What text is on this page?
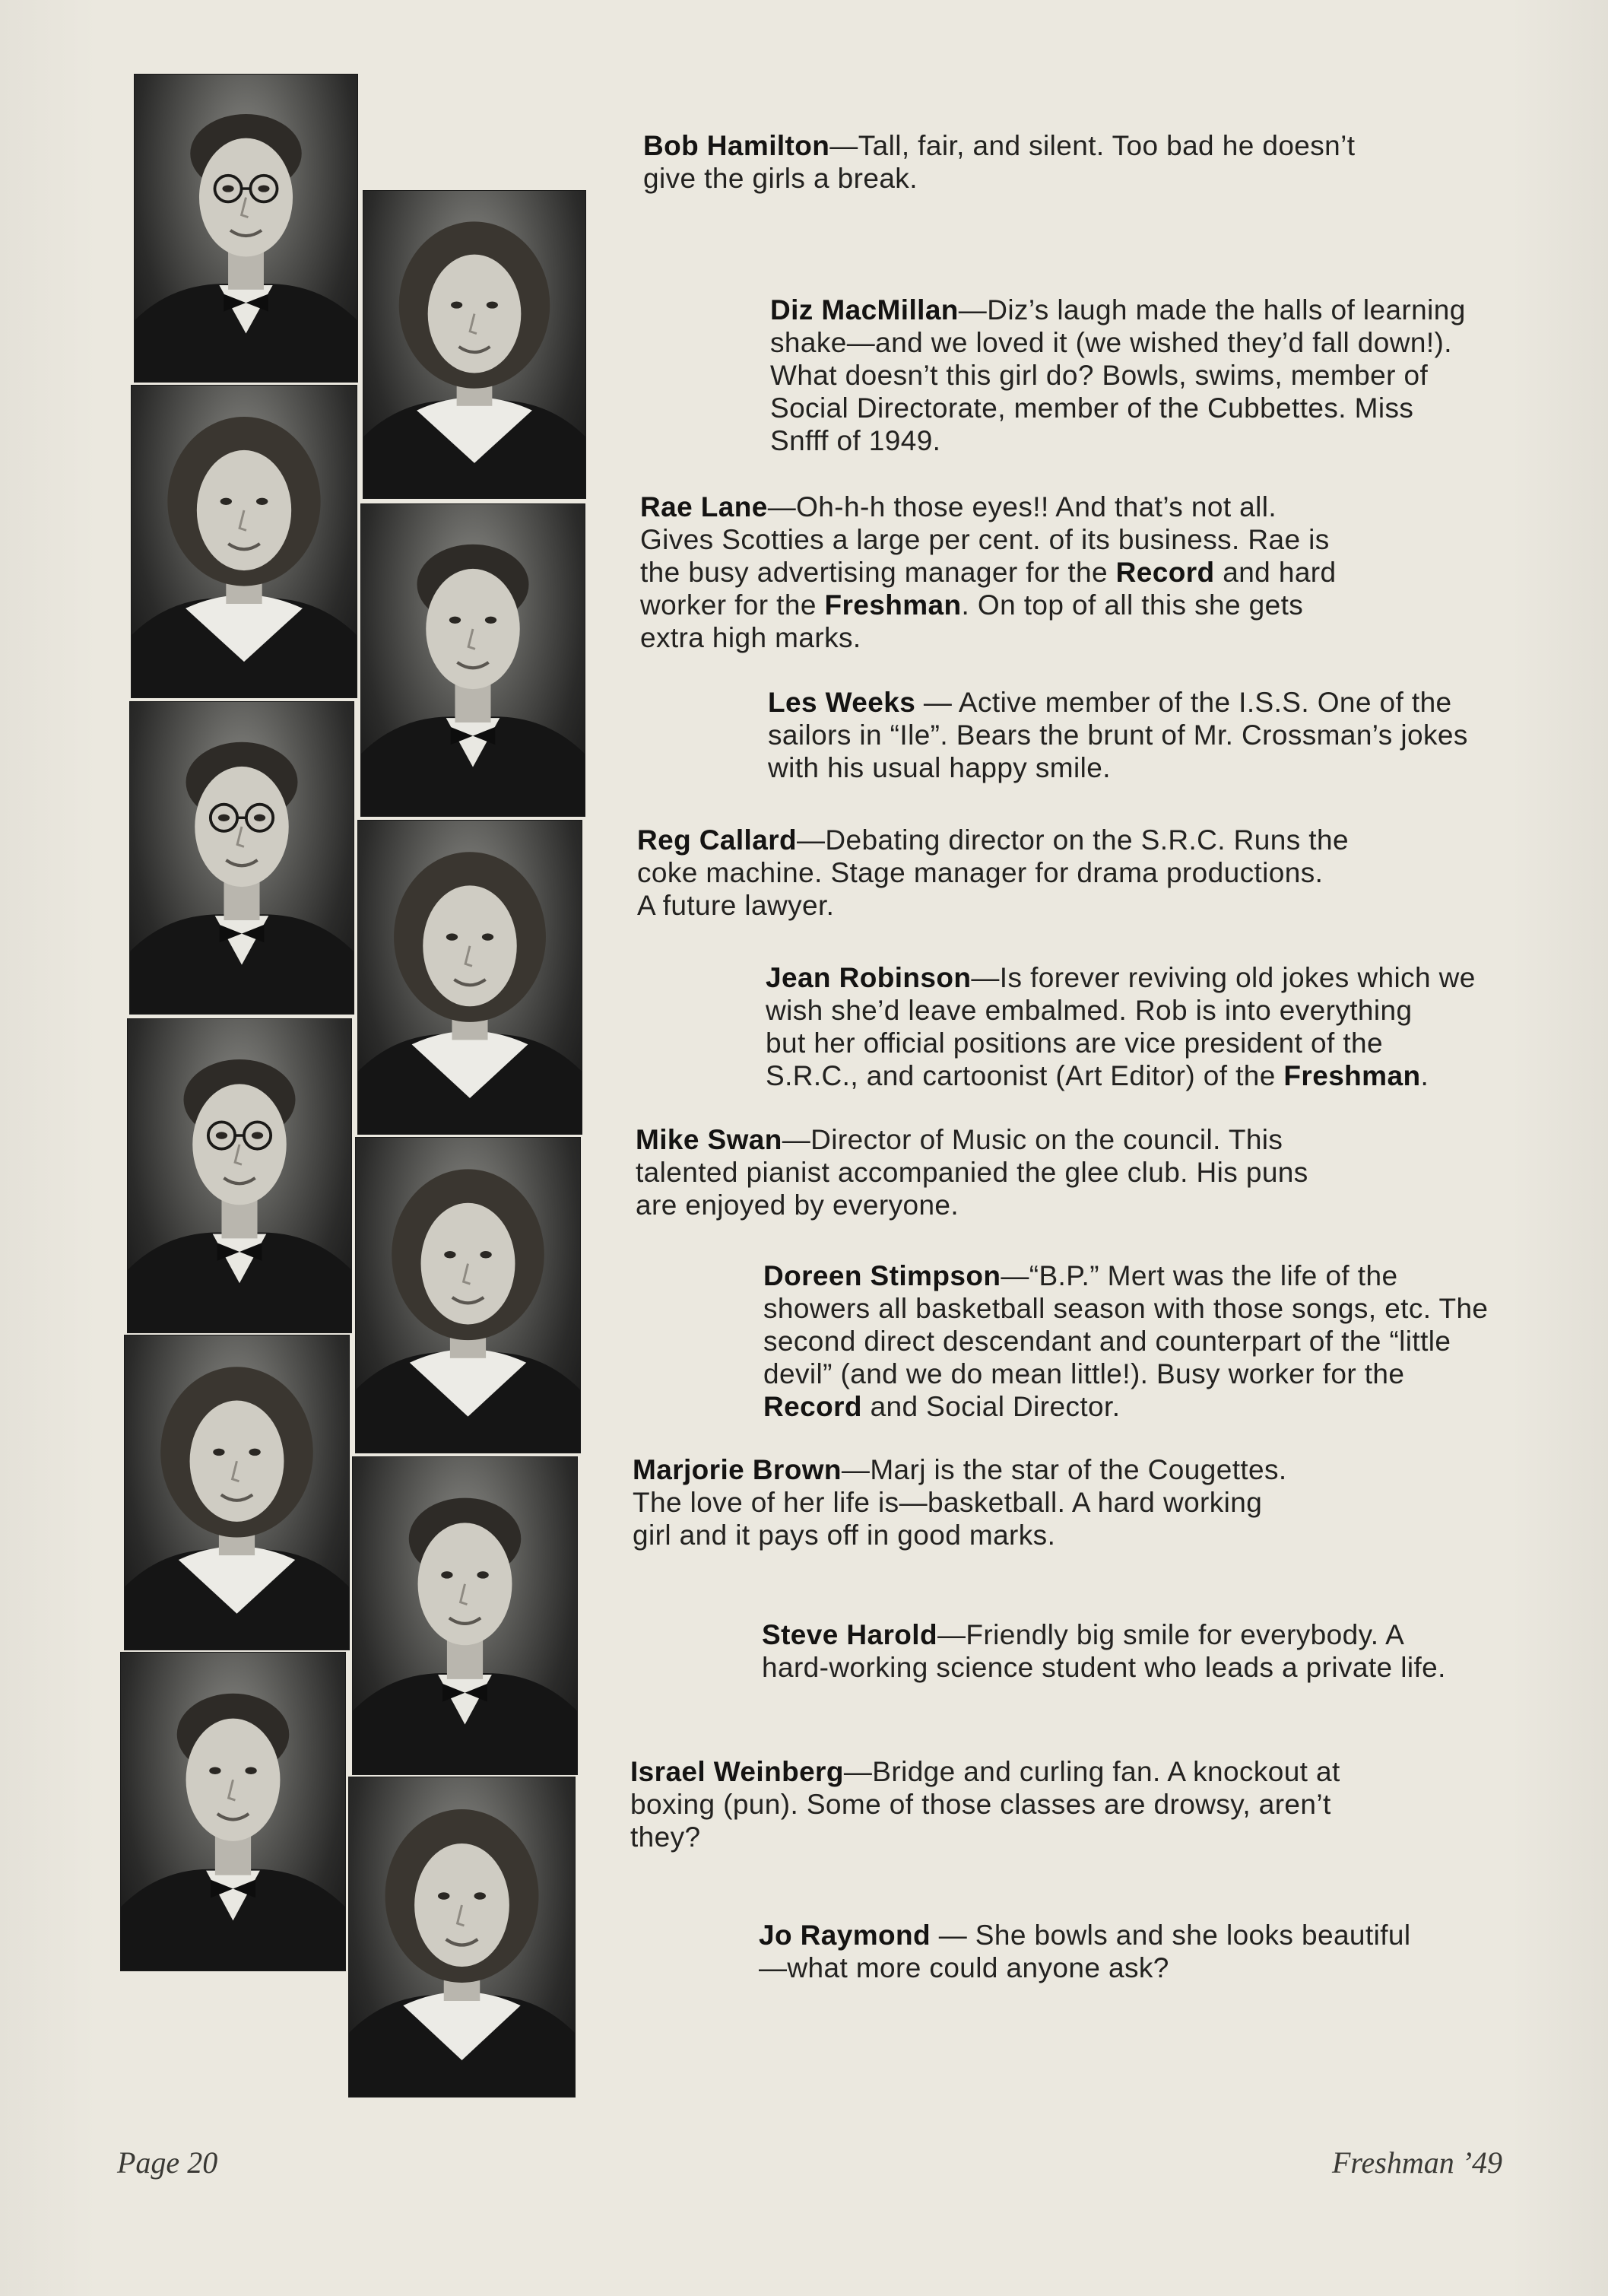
Bob Hamilton—Tall, fair, and silent. Too bad he doesn’t

give the girls a break.

Diz MacMillan—Diz’s laugh made the halls of learning

shake—and we loved it (we wished they’d fall down!).

What doesn’t this girl do? Bowls, swims, member of

Social Directorate, member of the Cubbettes. Miss

Snfff of 1949.

Rae Lane—Oh-h-h those eyes!! And that’s not all.

Gives Scotties a large per cent. of its business. Rae is

the busy advertising manager for the Record and hard

worker for the Freshman. On top of all this she gets

extra high marks.

Les Weeks — Active member of the I.S.S. One of the

sailors in “Ile”. Bears the brunt of Mr. Crossman’s jokes

with his usual happy smile.

Reg Callard—Debating director on the S.R.C. Runs the

coke machine. Stage manager for drama productions.

A future lawyer.

Jean Robinson—Is forever reviving old jokes which we

wish she’d leave embalmed. Rob is into everything

but her official positions are vice president of the

S.R.C., and cartoonist (Art Editor) of the Freshman.

Mike Swan—Director of Music on the council. This

talented pianist accompanied the glee club. His puns

are enjoyed by everyone.

Doreen Stimpson—“B.P.” Mert was the life of the

showers all basketball season with those songs, etc. The

second direct descendant and counterpart of the “little

devil” (and we do mean little!). Busy worker for the

Record and Social Director.

Marjorie Brown—Marj is the star of the Cougettes.

The love of her life is—basketball. A hard working

girl and it pays off in good marks.

Steve Harold—Friendly big smile for everybody. A

hard-working science student who leads a private life.

Israel Weinberg—Bridge and curling fan. A knockout at

boxing (pun). Some of those classes are drowsy, aren’t

they?

Jo Raymond — She bowls and she looks beautiful

—what more could anyone ask?

Page 20	Freshman ’49
